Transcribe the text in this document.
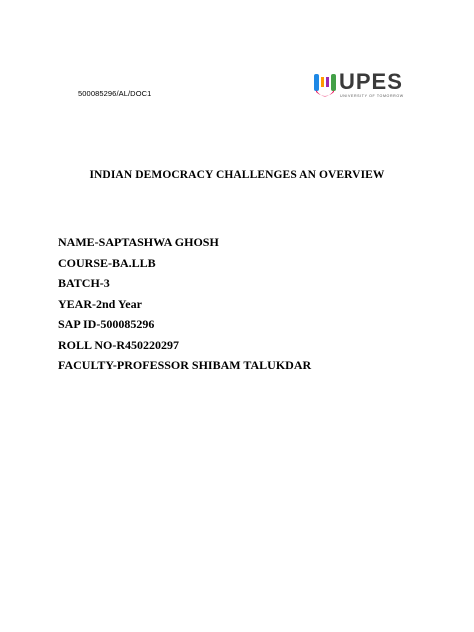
500085296/AL/DOC1	UPES
UNIVERSITY OF TOMORROW
INDIAN DEMOCRACY CHALLENGES AN OVERVIEW
NAME-SAPTASHWA GHOSH
COURSE-BA.LLB
BATCH-3
YEAR-2nd Year
SAP ID-500085296
ROLL NO-R450220297
FACULTY-PROFESSOR SHIBAM TALUKDAR
